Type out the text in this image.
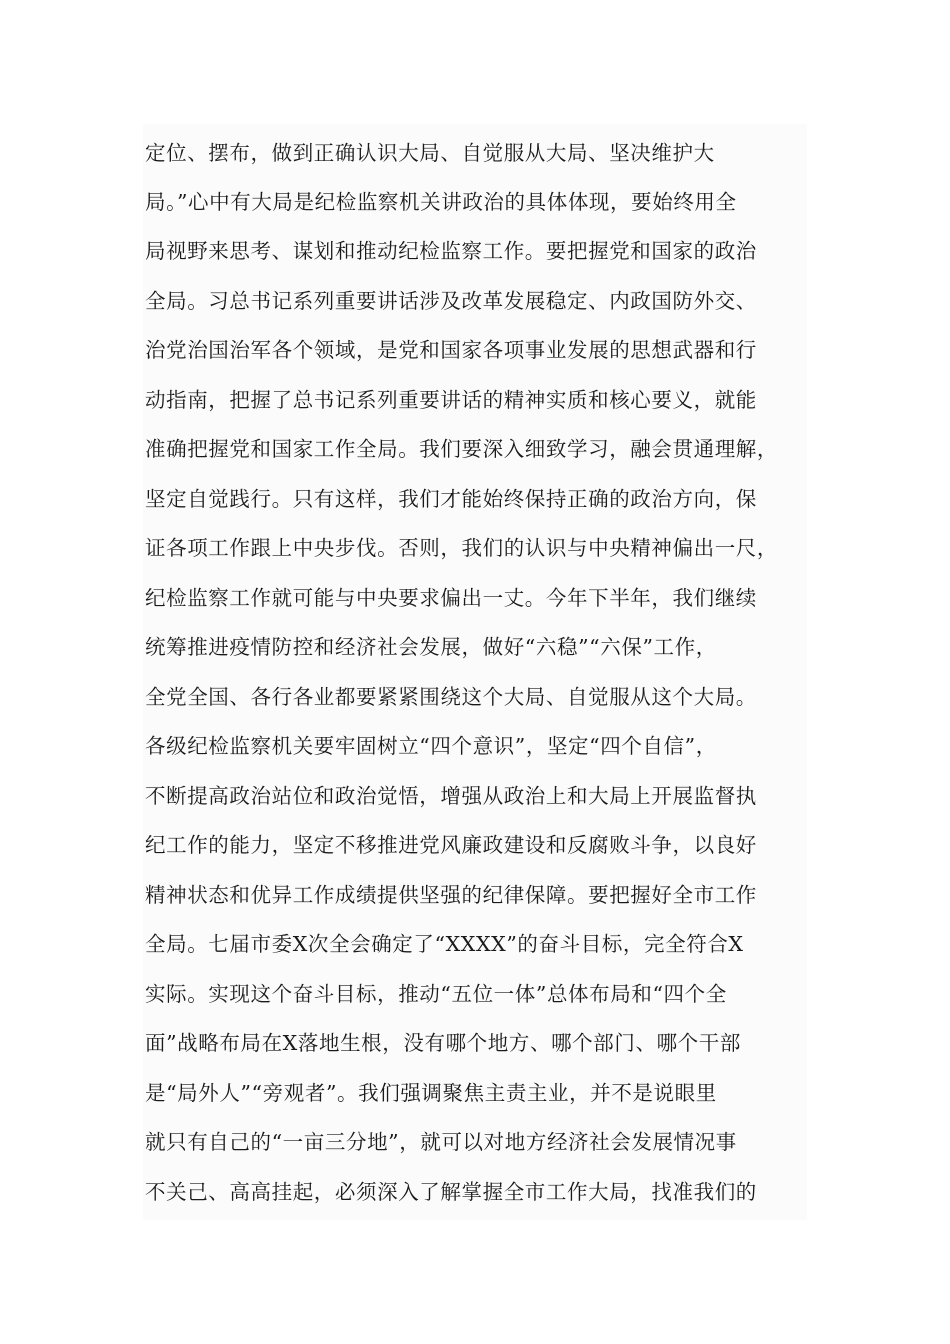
定位、摆布，做到正确认识大局、自觉服从大局、坚决维护大
局。”心中有大局是纪检监察机关讲政治的具体体现，要始终用全
局视野来思考、谋划和推动纪检监察工作。要把握党和国家的政治
全局。习总书记系列重要讲话涉及改革发展稳定、内政国防外交、
治党治国治军各个领域，是党和国家各项事业发展的思想武器和行
动指南，把握了总书记系列重要讲话的精神实质和核心要义，就能
准确把握党和国家工作全局。我们要深入细致学习，融会贯通理解，
坚定自觉践行。只有这样，我们才能始终保持正确的政治方向，保
证各项工作跟上中央步伐。否则，我们的认识与中央精神偏出一尺，
纪检监察工作就可能与中央要求偏出一丈。今年下半年，我们继续
统筹推进疫情防控和经济社会发展，做好“六稳”“六保”工作，
全党全国、各行各业都要紧紧围绕这个大局、自觉服从这个大局。
各级纪检监察机关要牢固树立“四个意识”，坚定“四个自信”，
不断提高政治站位和政治觉悟，增强从政治上和大局上开展监督执
纪工作的能力，坚定不移推进党风廉政建设和反腐败斗争，以良好
精神状态和优异工作成绩提供坚强的纪律保障。要把握好全市工作
全局。七届市委X次全会确定了“XXXX”的奋斗目标，完全符合X
实际。实现这个奋斗目标，推动“五位一体”总体布局和“四个全
面”战略布局在X落地生根，没有哪个地方、哪个部门、哪个干部
是“局外人”“旁观者”。我们强调聚焦主责主业，并不是说眼里
就只有自己的“一亩三分地”，就可以对地方经济社会发展情况事
不关己、高高挂起，必须深入了解掌握全市工作大局，找准我们的
